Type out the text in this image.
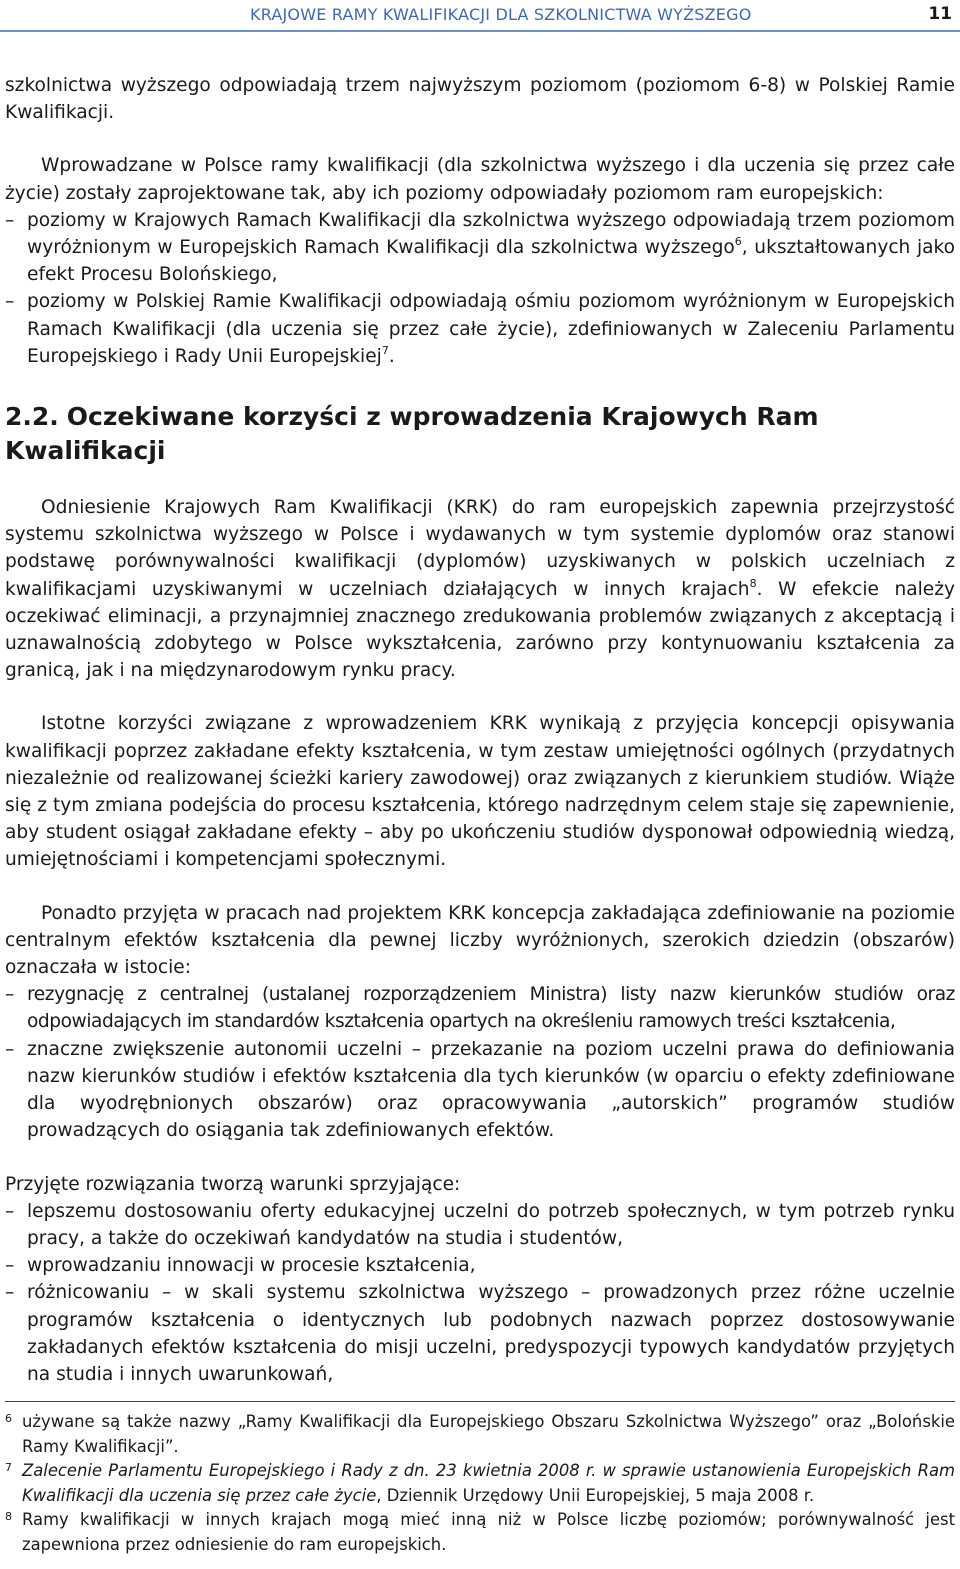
KRAJOWE RAMY KWALIFIKACJI DLA SZKOLNICTWA WYŻSZEGO	11

szkolnictwa wyższego odpowiadają trzem najwyższym poziomom (poziomom 6-8) w Polskiej Ramie Kwalifikacji.

Wprowadzane w Polsce ramy kwalifikacji (dla szkolnictwa wyższego i dla uczenia się przez całe życie) zostały zaprojektowane tak, aby ich poziomy odpowiadały poziomom ram europejskich:

– poziomy w Krajowych Ramach Kwalifikacji dla szkolnictwa wyższego odpowiadają trzem poziomom wyróżnionym w Europejskich Ramach Kwalifikacji dla szkolnictwa wyższego$^6$, ukształtowanych jako efekt Procesu Bolońskiego,
– poziomy w Polskiej Ramie Kwalifikacji odpowiadają ośmiu poziomom wyróżnionym w Europejskich Ramach Kwalifikacji (dla uczenia się przez całe życie), zdefiniowanych w Zaleceniu Parlamentu Europejskiego i Rady Unii Europejskiej$^7$.
2.2. Oczekiwane korzyści z wprowadzenia Krajowych Ram Kwalifikacji

Odniesienie Krajowych Ram Kwalifikacji (KRK) do ram europejskich zapewnia przejrzystość systemu szkolnictwa wyższego w Polsce i wydawanych w tym systemie dyplomów oraz stanowi podstawę porównywalności kwalifikacji (dyplomów) uzyskiwanych w polskich uczelniach z kwalifikacjami uzyskiwanymi w uczelniach działających w innych krajach$^8$. W efekcie należy oczekiwać eliminacji, a przynajmniej znacznego zredukowania problemów związanych z akceptacją i uznawalnością zdobytego w Polsce wykształcenia, zarówno przy kontynuowaniu kształcenia za granicą, jak i na międzynarodowym rynku pracy.

Istotne korzyści związane z wprowadzeniem KRK wynikają z przyjęcia koncepcji opisywania kwalifikacji poprzez zakładane efekty kształcenia, w tym zestaw umiejętności ogólnych (przydatnych niezależnie od realizowanej ścieżki kariery zawodowej) oraz związanych z kierunkiem studiów. Wiąże się z tym zmiana podejścia do procesu kształcenia, którego nadrzędnym celem staje się zapewnienie, aby student osiągał zakładane efekty – aby po ukończeniu studiów dysponował odpowiednią wiedzą, umiejętnościami i kompetencjami społecznymi.

Ponadto przyjęta w pracach nad projektem KRK koncepcja zakładająca zdefiniowanie na poziomie centralnym efektów kształcenia dla pewnej liczby wyróżnionych, szerokich dziedzin (obszarów) oznaczała w istocie:

– rezygnację z centralnej (ustalanej rozporządzeniem Ministra) listy nazw kierunków studiów oraz odpowiadających im standardów kształcenia opartych na określeniu ramowych treści kształcenia,
– znaczne zwiększenie autonomii uczelni – przekazanie na poziom uczelni prawa do definiowania nazw kierunków studiów i efektów kształcenia dla tych kierunków (w oparciu o efekty zdefiniowane dla wyodrębnionych obszarów) oraz opracowywania „autorskich” programów studiów prowadzących do osiągania tak zdefiniowanych efektów.

Przyjęte rozwiązania tworzą warunki sprzyjające:

– lepszemu dostosowaniu oferty edukacyjnej uczelni do potrzeb społecznych, w tym potrzeb rynku pracy, a także do oczekiwań kandydatów na studia i studentów,
– wprowadzaniu innowacji w procesie kształcenia,
– różnicowaniu – w skali systemu szkolnictwa wyższego – prowadzonych przez różne uczelnie programów kształcenia o identycznych lub podobnych nazwach poprzez dostosowywanie zakładanych efektów kształcenia do misji uczelni, predyspozycji typowych kandydatów przyjętych na studia i innych uwarunkowań,
6 używane są także nazwy „Ramy Kwalifikacji dla Europejskiego Obszaru Szkolnictwa Wyższego” oraz „Bolońskie Ramy Kwalifikacji”.
7 Zalecenie Parlamentu Europejskiego i Rady z dn. 23 kwietnia 2008 r. w sprawie ustanowienia Europejskich Ram Kwalifikacji dla uczenia się przez całe życie, Dziennik Urzędowy Unii Europejskiej, 5 maja 2008 r.
8 Ramy kwalifikacji w innych krajach mogą mieć inną niż w Polsce liczbę poziomów; porównywalność jest zapewniona przez odniesienie do ram europejskich.
